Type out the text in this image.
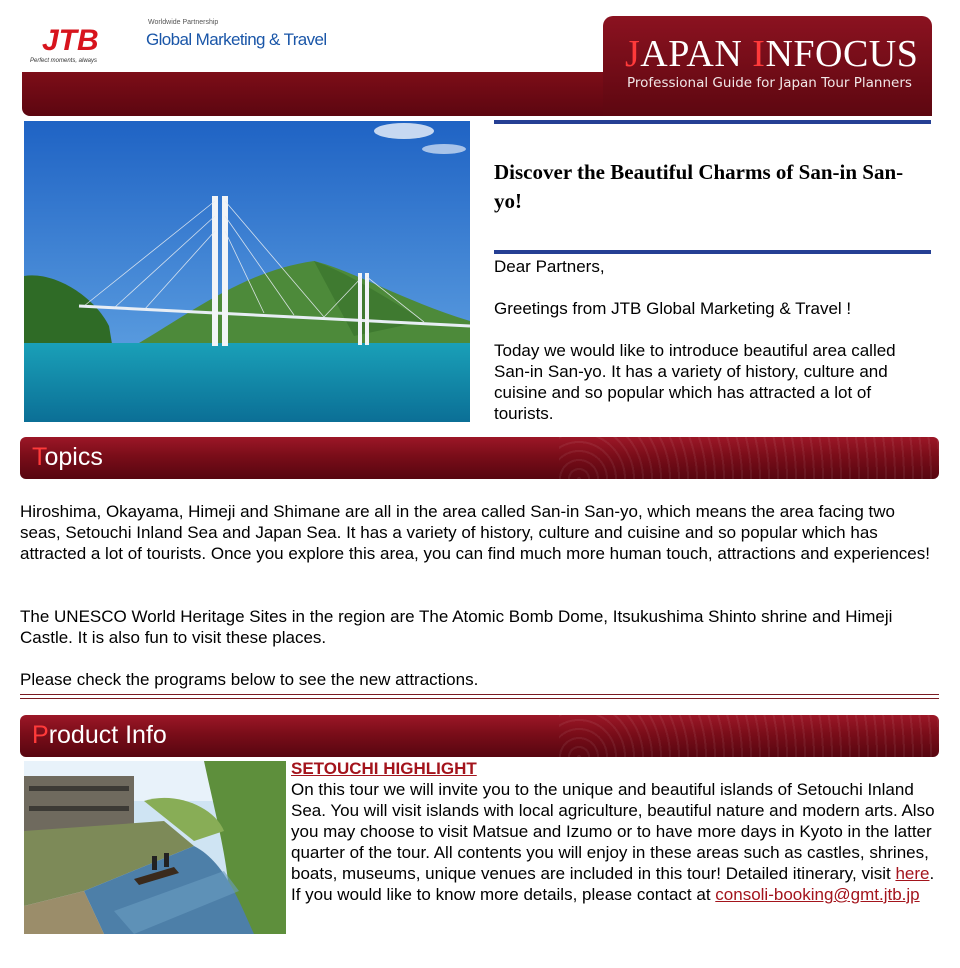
JTB
Perfect moments, always
Worldwide Partnership
Global Marketing & Travel	JAPAN INFOCUS
Professional Guide for Japan Tour Planners
Discover the Beautiful Charms of San-in San-yo!
Dear Partners,
Greetings from JTB Global Marketing & Travel !
Today we would like to introduce beautiful area called San-in San-yo. It has a variety of history, culture and cuisine and so popular which has attracted a lot of tourists.
Topics
Hiroshima, Okayama, Himeji and Shimane are all in the area called San-in San-yo, which means the area facing two seas, Setouchi Inland Sea and Japan Sea. It has a variety of history, culture and cuisine and so popular which has attracted a lot of tourists. Once you explore this area, you can find much more human touch, attractions and experiences!
The UNESCO World Heritage Sites in the region are The Atomic Bomb Dome, Itsukushima Shinto shrine and Himeji Castle. It is also fun to visit these places.
Please check the programs below to see the new attractions.
Product Info
SETOUCHI HIGHLIGHT
On this tour we will invite you to the unique and beautiful islands of Setouchi Inland Sea. You will visit islands with local agriculture, beautiful nature and modern arts. Also you may choose to visit Matsue and Izumo or to have more days in Kyoto in the latter quarter of the tour. All contents you will enjoy in these areas such as castles, shrines, boats, museums, unique venues are included in this tour! Detailed itinerary, visit here.
If you would like to know more details, please contact at consoli-booking@gmt.jtb.jp
